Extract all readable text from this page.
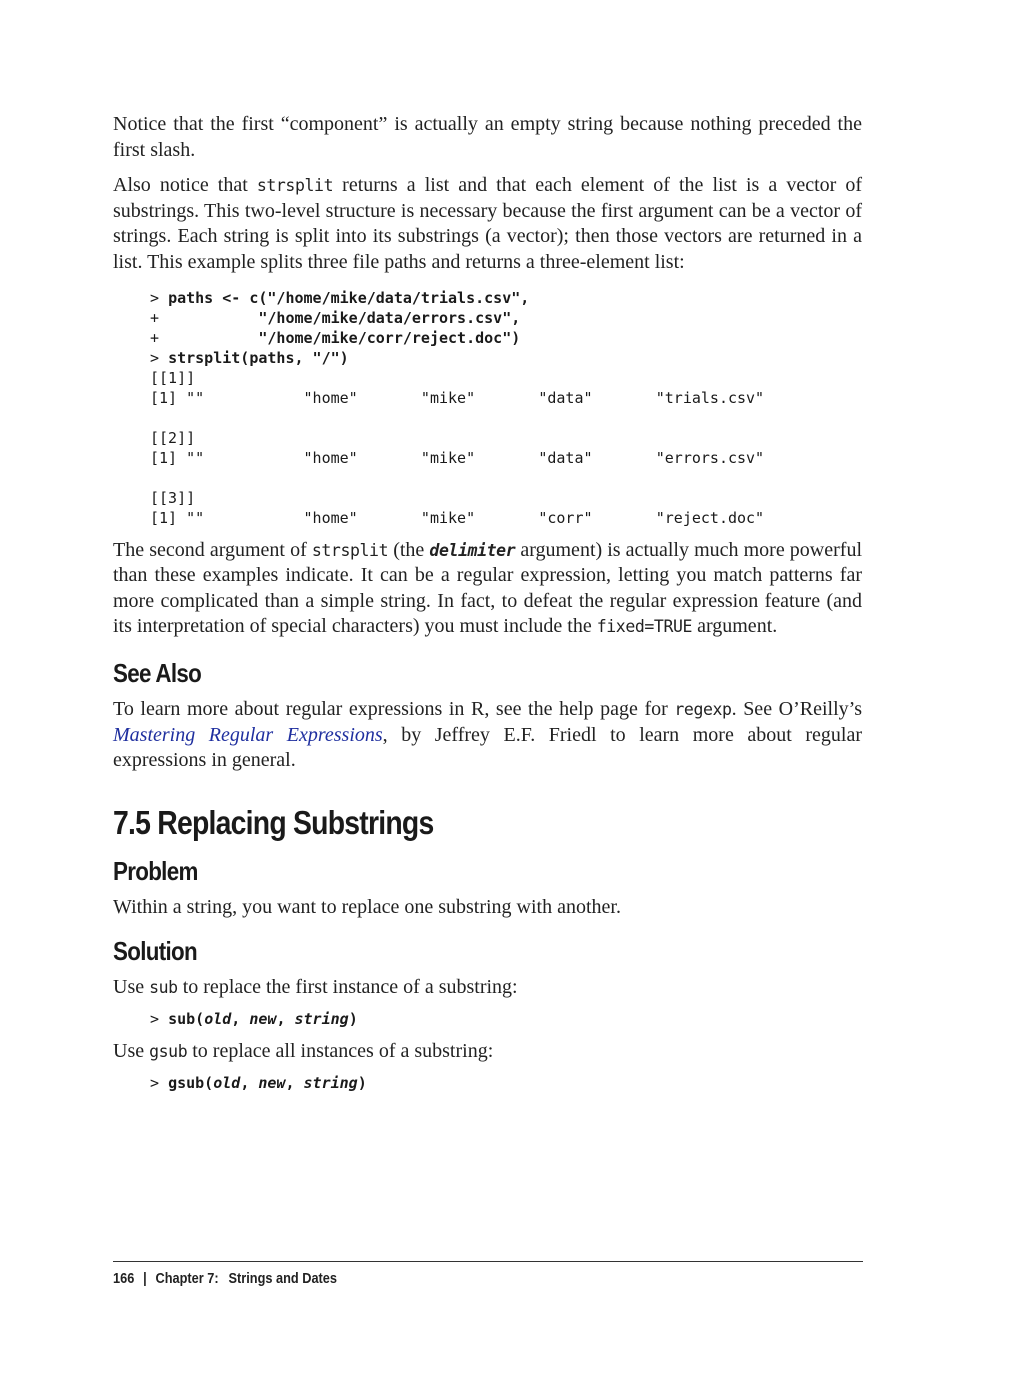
Notice that the first “component” is actually an empty string because nothing preceded the first slash.

Also notice that strsplit returns a list and that each element of the list is a vector of substrings. This two-level structure is necessary because the first argument can be a vector of strings. Each string is split into its substrings (a vector); then those vectors are returned in a list. This example splits three file paths and returns a three-element list:

> paths <- c("/home/mike/data/trials.csv",
+           "/home/mike/data/errors.csv",
+           "/home/mike/corr/reject.doc")
> strsplit(paths, "/")
[[1]]
[1] ""           "home"       "mike"       "data"       "trials.csv"

[[2]]
[1] ""           "home"       "mike"       "data"       "errors.csv"

[[3]]
[1] ""           "home"       "mike"       "corr"       "reject.doc"

The second argument of strsplit (the delimiter argument) is actually much more powerful than these examples indicate. It can be a regular expression, letting you match patterns far more complicated than a simple string. In fact, to defeat the regular expression feature (and its interpretation of special characters) you must include the fixed=TRUE argument.

See Also

To learn more about regular expressions in R, see the help page for regexp. See O’Reilly’s Mastering Regular Expressions, by Jeffrey E.F. Friedl to learn more about regular expressions in general.

7.5 Replacing Substrings
Problem

Within a string, you want to replace one substring with another.

Solution

Use sub to replace the first instance of a substring:

> sub(old, new, string)

Use gsub to replace all instances of a substring:

> gsub(old, new, string)
166 | Chapter 7:  Strings and Dates
